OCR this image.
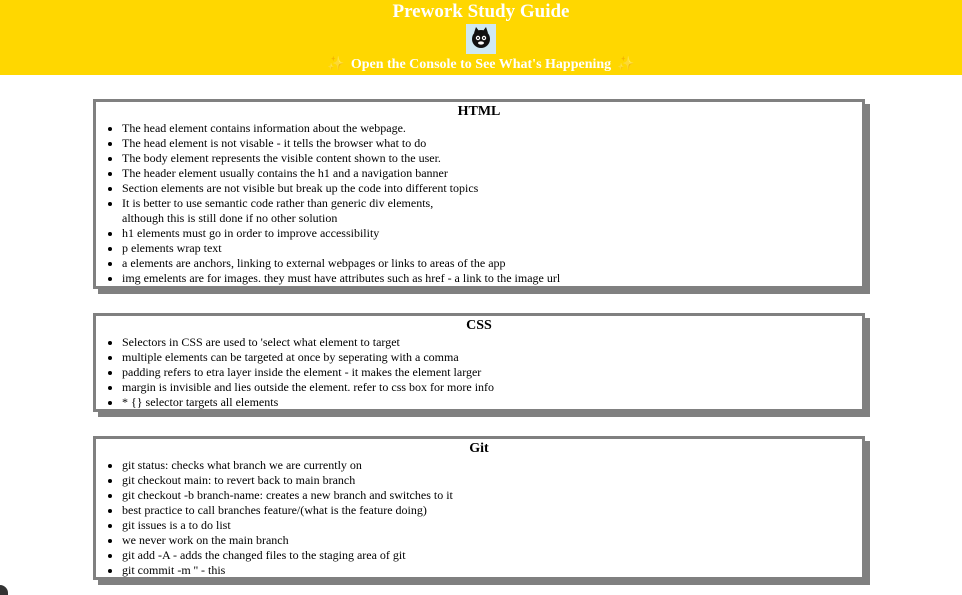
Prework Study Guide
✨ Open the Console to See What's Happening ✨
HTML
• The head element contains information about the webpage.
• The head element is not visable - it tells the browser what to do
• The body element represents the visible content shown to the user.
• The header element usually contains the h1 and a navigation banner
• Section elements are not visible but break up the code into different topics
• It is better to use semantic code rather than generic div elements,
although this is still done if no other solution
• h1 elements must go in order to improve accessibility
• p elements wrap text
• a elements are anchors, linking to external webpages or links to areas of the app
• img emelents are for images. they must have attributes such as href - a link to the image url
CSS
• Selectors in CSS are used to 'select what element to target
• multiple elements can be targeted at once by seperating with a comma
• padding refers to etra layer inside the element - it makes the element larger
• margin is invisible and lies outside the element. refer to css box for more info
• * {} selector targets all elements
Git
• git status: checks what branch we are currently on
• git checkout main: to revert back to main branch
• git checkout -b branch-name: creates a new branch and switches to it
• best practice to call branches feature/(what is the feature doing)
• git issues is a to do list
• we never work on the main branch
• git add -A - adds the changed files to the staging area of git
• git commit -m '' - this
